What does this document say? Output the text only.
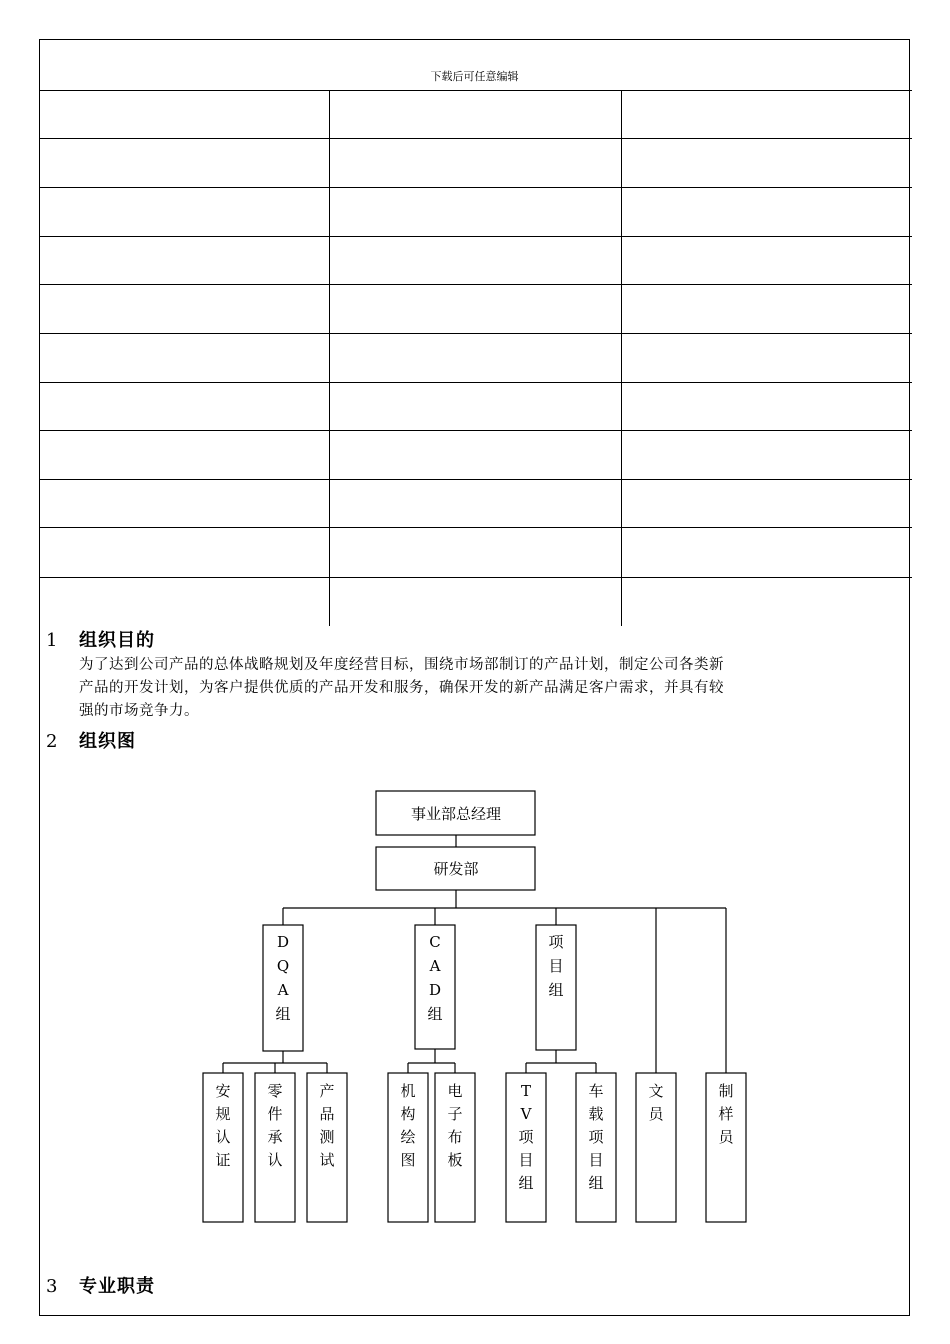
下载后可任意编辑
1 组织目的
为了达到公司产品的总体战略规划及年度经营目标，围绕市场部制订的产品计划，制定公司各类新
产品的开发计划，为客户提供优质的产品开发和服务，确保开发的新产品满足客户需求，并具有较
强的市场竞争力。
2 组织图
事业部总经理
研发部
D Q A 组
C A D 组
项目组
安规认证
零件承认
产品测试
机构绘图
电子布板
T V 项目组
车载项目组
文员
制样员
3 专业职责
